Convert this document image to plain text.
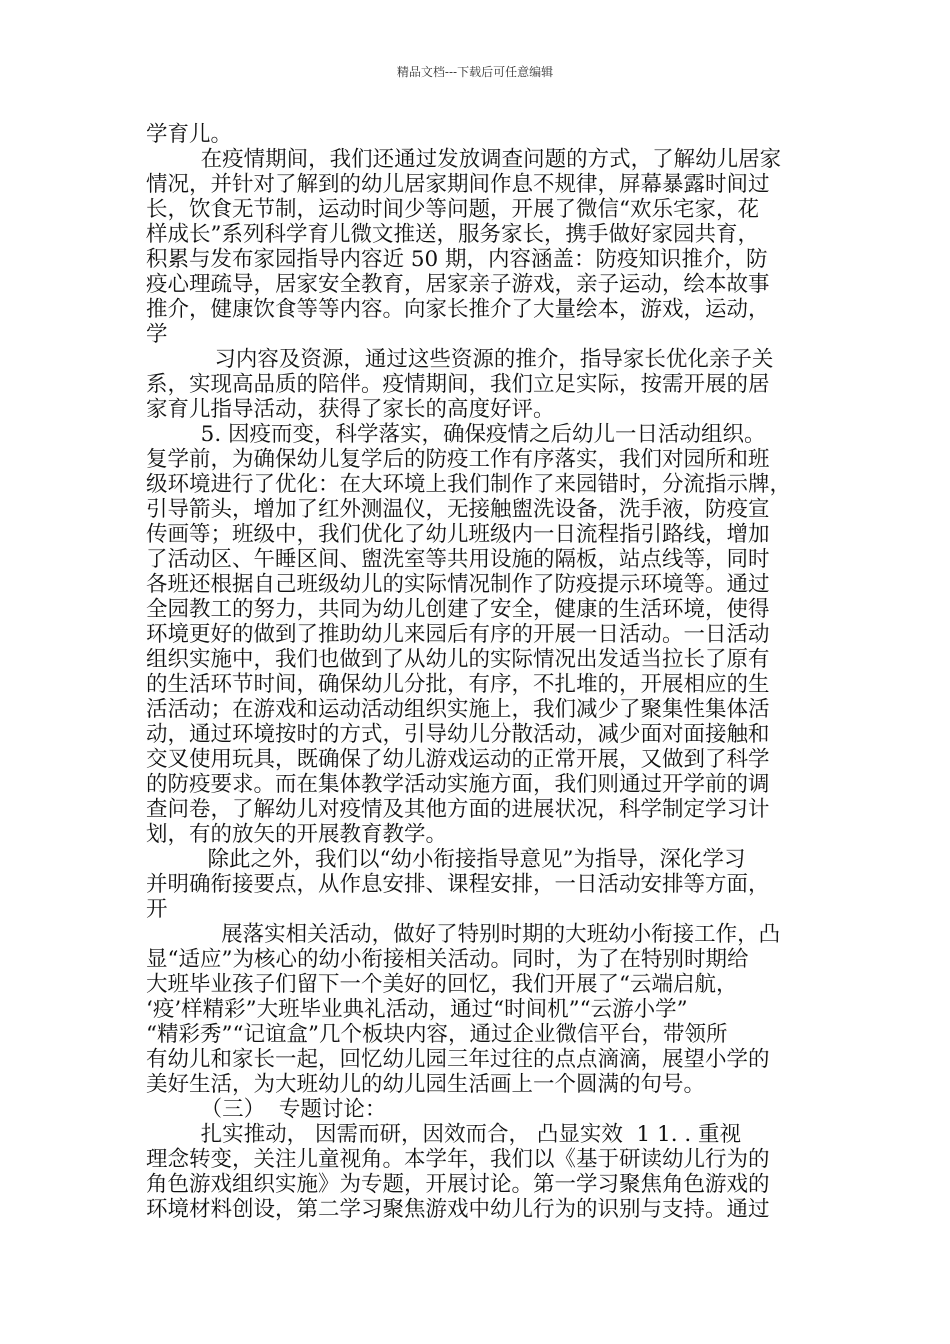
精品文档---下载后可任意编辑
学育儿。
在疫情期间，我们还通过发放调查问题的方式，了解幼儿居家
情况，并针对了解到的幼儿居家期间作息不规律，屏幕暴露时间过
长，饮食无节制，运动时间少等问题，开展了微信“欢乐宅家，花
样成长”系列科学育儿微文推送，服务家长，携手做好家园共育，
积累与发布家园指导内容近 50 期，内容涵盖：防疫知识推介，防
疫心理疏导，居家安全教育，居家亲子游戏，亲子运动，绘本故事
推介，健康饮食等等内容。向家长推介了大量绘本，游戏，运动，
学
习内容及资源，通过这些资源的推介，指导家长优化亲子关
系，实现高品质的陪伴。疫情期间，我们立足实际，按需开展的居
家育儿指导活动，获得了家长的高度好评。
5. 因疫而变，科学落实，确保疫情之后幼儿一日活动组织。
复学前，为确保幼儿复学后的防疫工作有序落实，我们对园所和班
级环境进行了优化：在大环境上我们制作了来园错时，分流指示牌，
引导箭头，增加了红外测温仪，无接触盥洗设备，洗手液，防疫宣
传画等；班级中，我们优化了幼儿班级内一日流程指引路线，增加
了活动区、午睡区间、盥洗室等共用设施的隔板，站点线等，同时
各班还根据自己班级幼儿的实际情况制作了防疫提示环境等。通过
全园教工的努力，共同为幼儿创建了安全，健康的生活环境，使得
环境更好的做到了推助幼儿来园后有序的开展一日活动。一日活动
组织实施中，我们也做到了从幼儿的实际情况出发适当拉长了原有
的生活环节时间，确保幼儿分批，有序，不扎堆的，开展相应的生
活活动；在游戏和运动活动组织实施上，我们减少了聚集性集体活
动，通过环境按时的方式，引导幼儿分散活动，减少面对面接触和
交叉使用玩具，既确保了幼儿游戏运动的正常开展，又做到了科学
的防疫要求。而在集体教学活动实施方面，我们则通过开学前的调
查问卷，了解幼儿对疫情及其他方面的进展状况，科学制定学习计
划，有的放矢的开展教育教学。
除此之外，我们以“幼小衔接指导意见”为指导，深化学习
并明确衔接要点，从作息安排、课程安排，一日活动安排等方面，
开
展落实相关活动，做好了特别时期的大班幼小衔接工作，凸
显“适应”为核心的幼小衔接相关活动。同时，为了在特别时期给
大班毕业孩子们留下一个美好的回忆，我们开展了“云端启航，
‘疫’样精彩”大班毕业典礼活动，通过“时间机”“云游小学”
“精彩秀”“记谊盒”几个板块内容，通过企业微信平台，带领所
有幼儿和家长一起，回忆幼儿园三年过往的点点滴滴，展望小学的
美好生活，为大班幼儿的幼儿园生活画上一个圆满的句号。
（三）  专题讨论：
扎实推动， 因需而研，因效而合， 凸显实效  1 1. . 重视
理念转变，关注儿童视角。本学年，我们以《基于研读幼儿行为的
角色游戏组织实施》为专题，开展讨论。第一学习聚焦角色游戏的
环境材料创设，第二学习聚焦游戏中幼儿行为的识别与支持。通过
